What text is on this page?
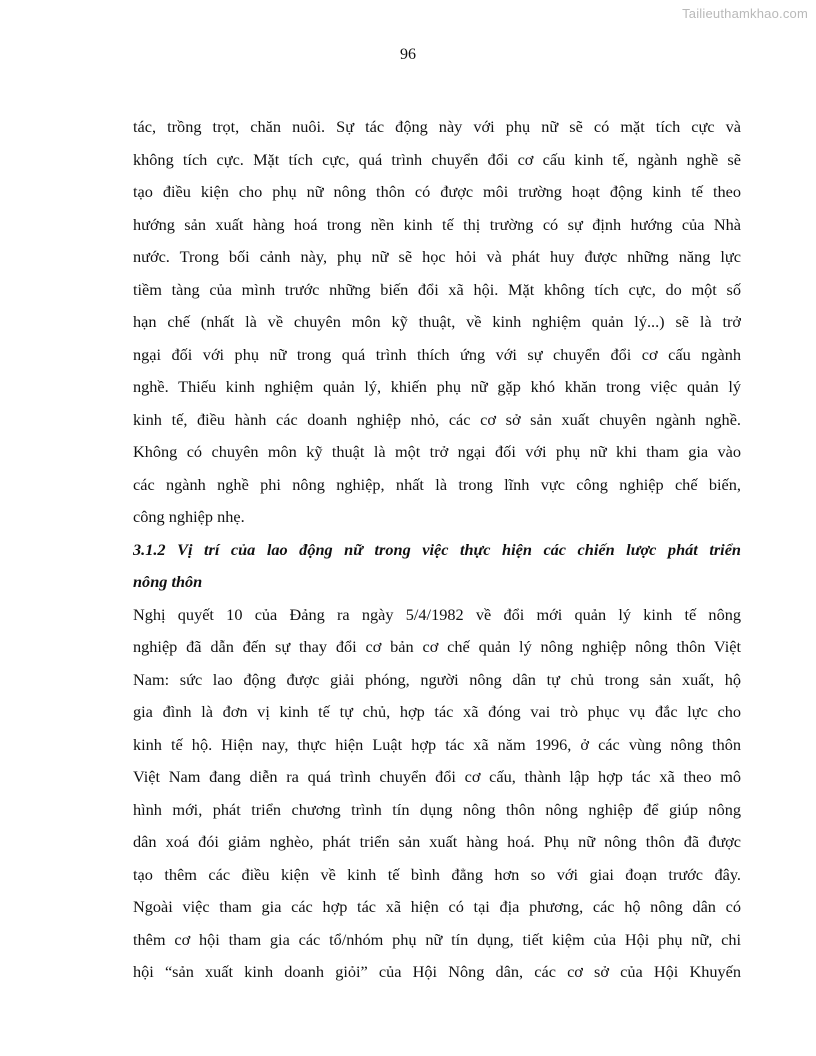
Tailieuthamkhao.com
96
tác, trồng trọt, chăn nuôi. Sự tác động này với phụ nữ sẽ có mặt tích cực và
không tích cực. Mặt tích cực, quá trình chuyển đổi cơ cấu kinh tế, ngành nghề sẽ
tạo điều kiện cho phụ nữ nông thôn có được môi trường hoạt động kinh tế theo
hướng sản xuất hàng hoá trong nền kinh tế thị trường có sự định hướng của Nhà
nước. Trong bối cảnh này, phụ nữ sẽ học hỏi và phát huy được những năng lực
tiềm tàng của mình trước những biến đổi xã hội. Mặt không tích cực, do một số
hạn chế (nhất là về chuyên môn kỹ thuật, về kinh nghiệm quản lý...) sẽ là trở
ngại đối với phụ nữ trong quá trình thích ứng với sự chuyển đổi cơ cấu ngành
nghề. Thiếu kinh nghiệm quản lý, khiến phụ nữ gặp khó khăn trong việc quản lý
kinh tế, điều hành các doanh nghiệp nhỏ, các cơ sở sản xuất chuyên ngành nghề.
Không có chuyên môn kỹ thuật là một trở ngại đối với phụ nữ khi tham gia vào
các ngành nghề phi nông nghiệp, nhất là trong lĩnh vực công nghiệp chế biến,
công nghiệp nhẹ.
3.1.2 Vị trí của lao động nữ trong việc thực hiện các chiến lược phát triển
nông thôn
Nghị quyết 10 của Đảng ra ngày 5/4/1982 về đổi mới quản lý kinh tế nông
nghiệp đã dẫn đến sự thay đổi cơ bản cơ chế quản lý nông nghiệp nông thôn Việt
Nam: sức lao động được giải phóng, người nông dân tự chủ trong sản xuất, hộ
gia đình là đơn vị kinh tế tự chủ, hợp tác xã đóng vai trò phục vụ đắc lực cho
kinh tế hộ. Hiện nay, thực hiện Luật hợp tác xã năm 1996, ở các vùng nông thôn
Việt Nam đang diễn ra quá trình chuyển đổi cơ cấu, thành lập hợp tác xã theo mô
hình mới, phát triển chương trình tín dụng nông thôn nông nghiệp để giúp nông
dân xoá đói giảm nghèo, phát triển sản xuất hàng hoá. Phụ nữ nông thôn đã được
tạo thêm các điều kiện về kinh tế bình đẳng hơn so với giai đoạn trước đây.
Ngoài việc tham gia các hợp tác xã hiện có tại địa phương, các hộ nông dân có
thêm cơ hội tham gia các tổ/nhóm phụ nữ tín dụng, tiết kiệm của Hội phụ nữ, chi
hội “sản xuất kinh doanh giỏi” của Hội Nông dân, các cơ sở của Hội Khuyến
